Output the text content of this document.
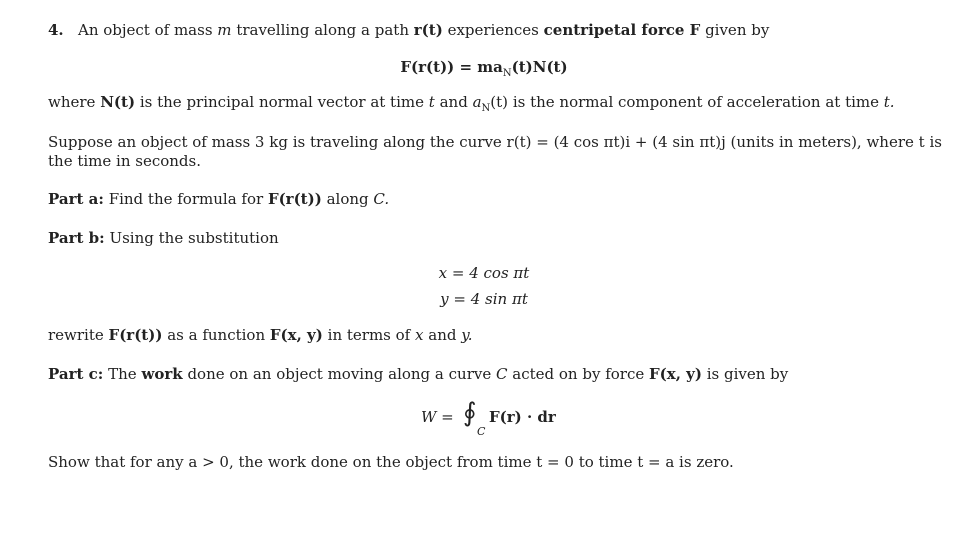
4. An object of mass m travelling along a path r(t) experiences centripetal force F given by
$F(r(t)) = ma_N(t)N(t)$
where N(t) is the principal normal vector at time t and $a_N(t)$ is the normal component of acceleration at time t.
Suppose an object of mass 3 kg is traveling along the curve r(t) = (4 cos πt)i + (4 sin πt)j (units in meters), where t is
the time in seconds.
Part a: Find the formula for F(r(t)) along C.
Part b: Using the substitution
x = 4 cos πt
y = 4 sin πt
rewrite F(r(t)) as a function F(x, y) in terms of x and y.
Part c: The work done on an object moving along a curve C acted on by force F(x, y) is given by
W = ∮
C
F(r) · dr
Show that for any a > 0, the work done on the object from time t = 0 to time t = a is zero.
